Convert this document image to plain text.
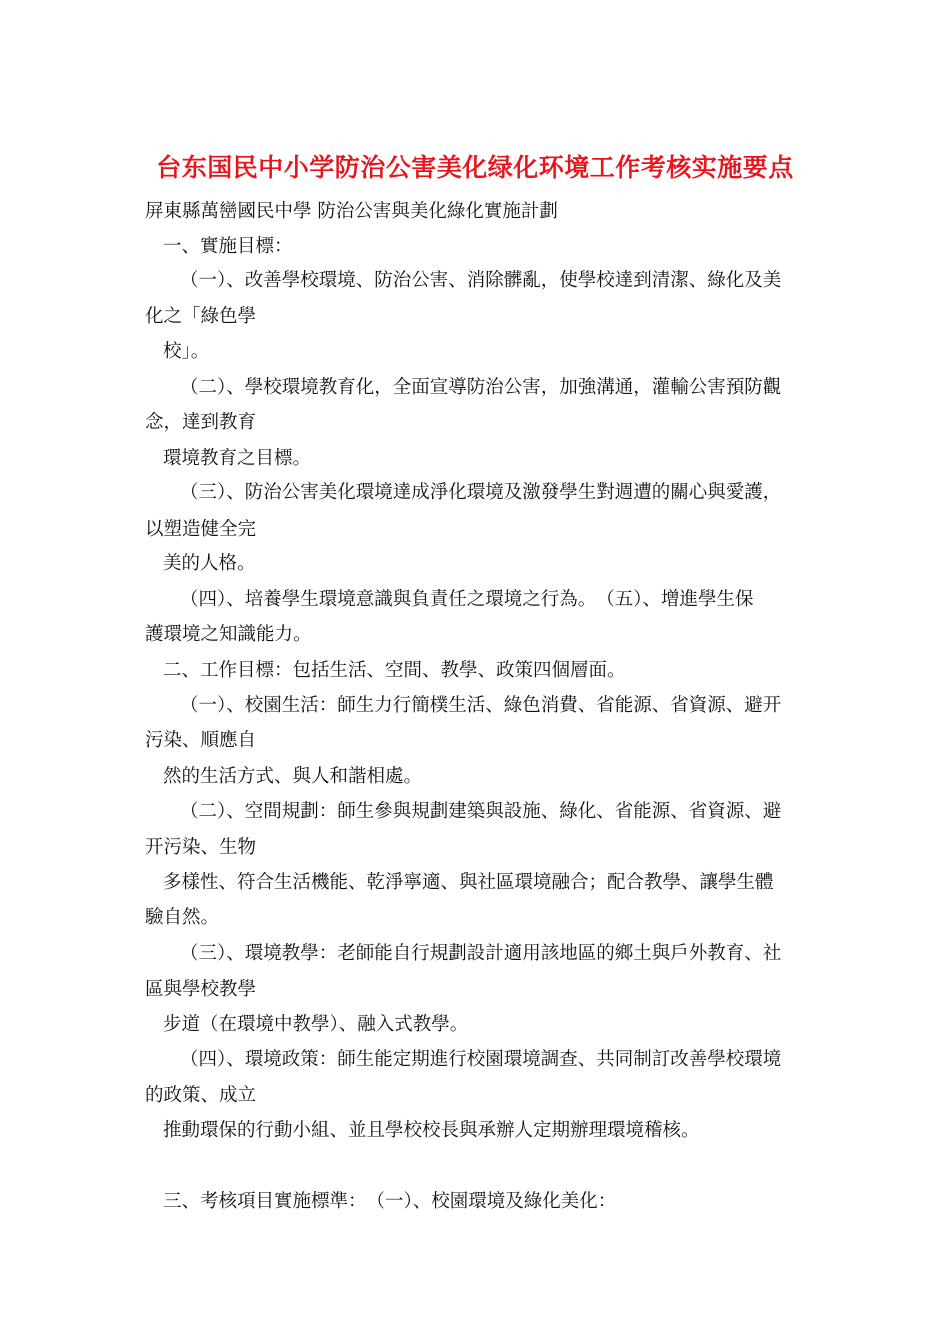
台东国民中小学防治公害美化绿化环境工作考核实施要点
屏東縣萬巒國民中學 防治公害與美化綠化實施計劃
一、實施目標：
（一）、改善學校環境、防治公害、消除髒亂，使學校達到清潔、綠化及美
化之「綠色學
校」。
（二）、學校環境教育化，全面宣導防治公害，加強溝通，灌輸公害預防觀
念，達到教育
環境教育之目標。
（三）、防治公害美化環境達成淨化環境及激發學生對週遭的關心與愛護，
以塑造健全完
美的人格。
（四）、培養學生環境意識與負責任之環境之行為。　（五）、增進學生保
護環境之知識能力。
二、工作目標：包括生活、空間、教學、政策四個層面。
（一）、校園生活：師生力行簡樸生活、綠色消費、省能源、省資源、避开
污染、順應自
然的生活方式、與人和諧相處。
（二）、空間規劃：師生參與規劃建築與設施、綠化、省能源、省資源、避
开污染、生物
多樣性、符合生活機能、乾淨寧適、與社區環境融合；配合教學、讓學生體
驗自然。
（三）、環境教學：老師能自行規劃設計適用該地區的鄉土與戶外教育、社
區與學校教學
步道（在環境中教學）、融入式教學。
（四）、環境政策：師生能定期進行校園環境調查、共同制訂改善學校環境
的政策、成立
推動環保的行動小組、並且學校校長與承辦人定期辦理環境稽核。
三、考核項目實施標準：　（一）、校園環境及綠化美化：
